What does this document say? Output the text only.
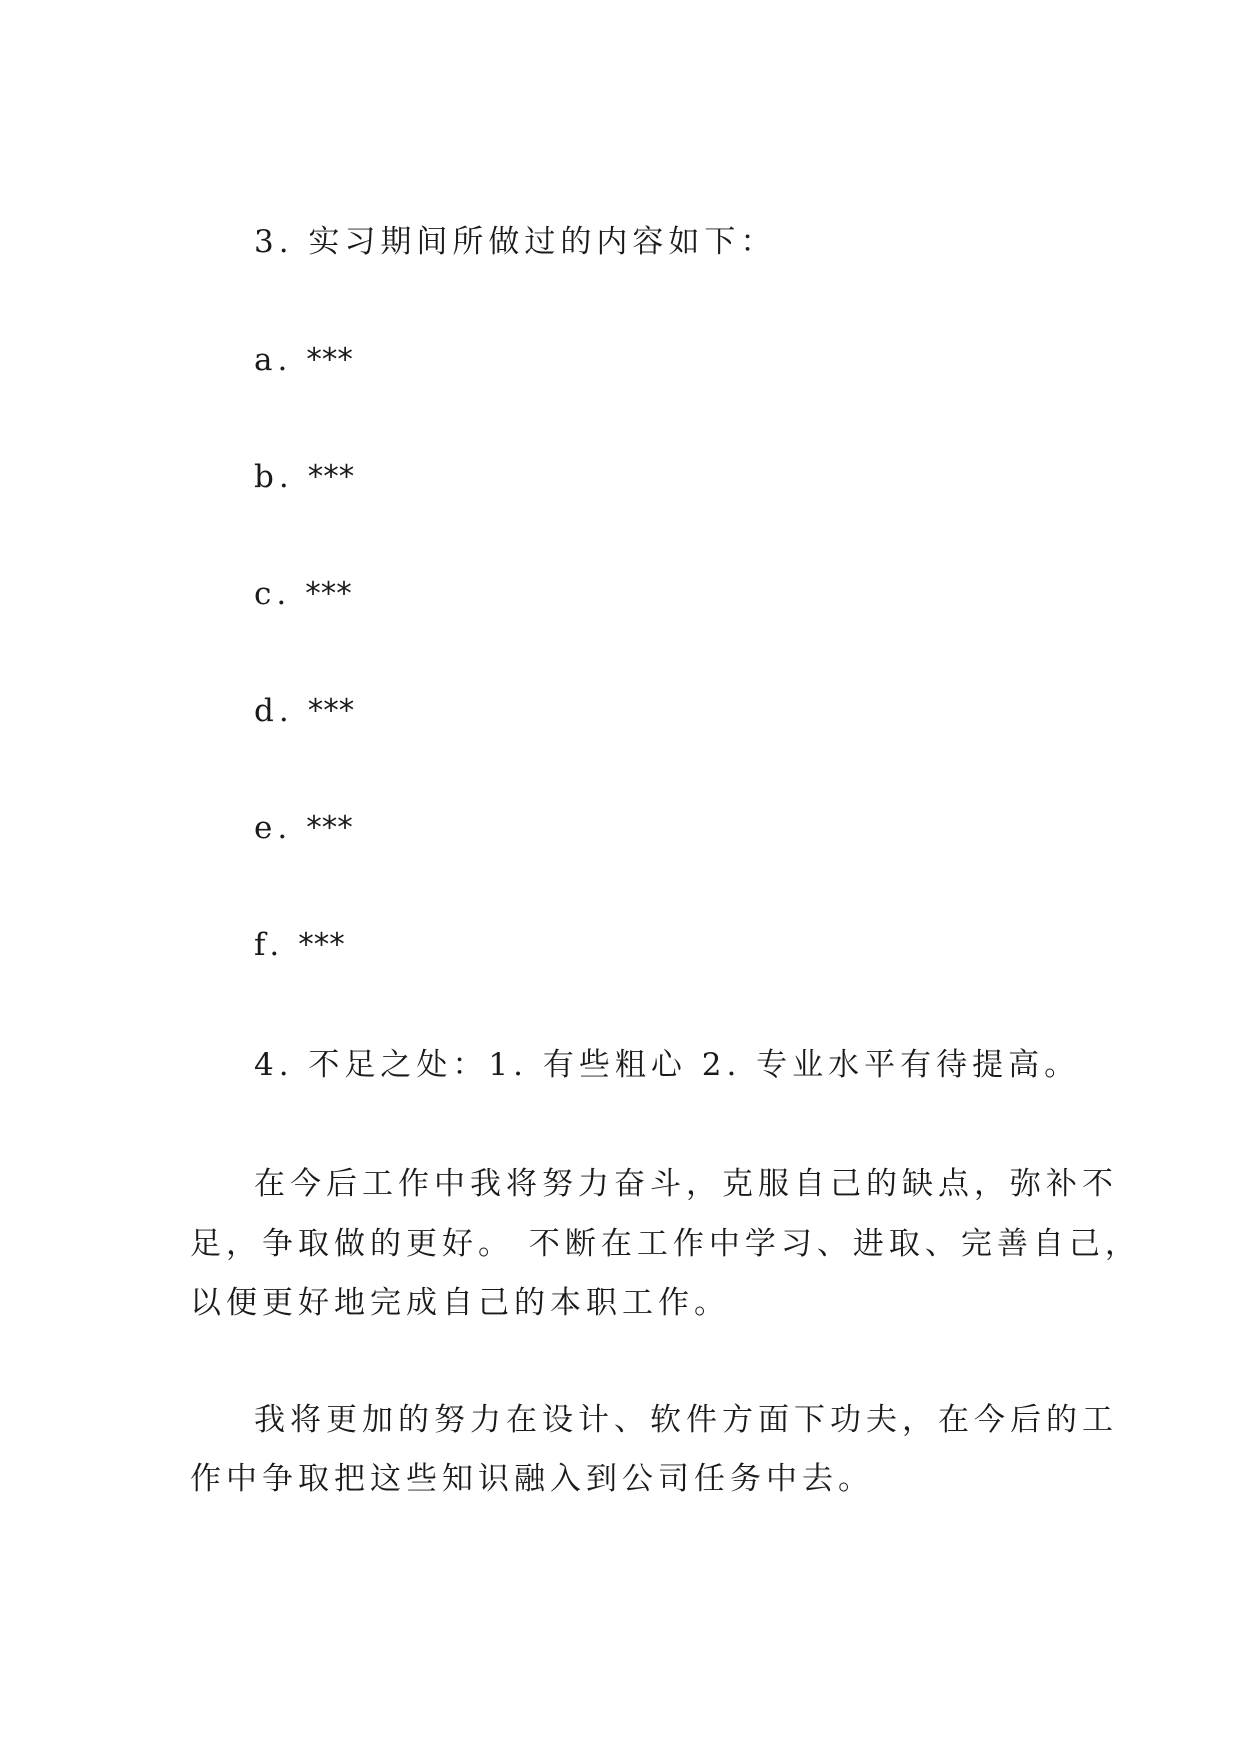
3. 实习期间所做过的内容如下：
a. ***
b. ***
c. ***
d. ***
e. ***
f. ***
4. 不足之处：1. 有些粗心 2. 专业水平有待提高。
在今后工作中我将努力奋斗，克服自己的缺点，弥补不
足，争取做的更好。 不断在工作中学习、进取、完善自己，
以便更好地完成自己的本职工作。
我将更加的努力在设计、软件方面下功夫，在今后的工
作中争取把这些知识融入到公司任务中去。
